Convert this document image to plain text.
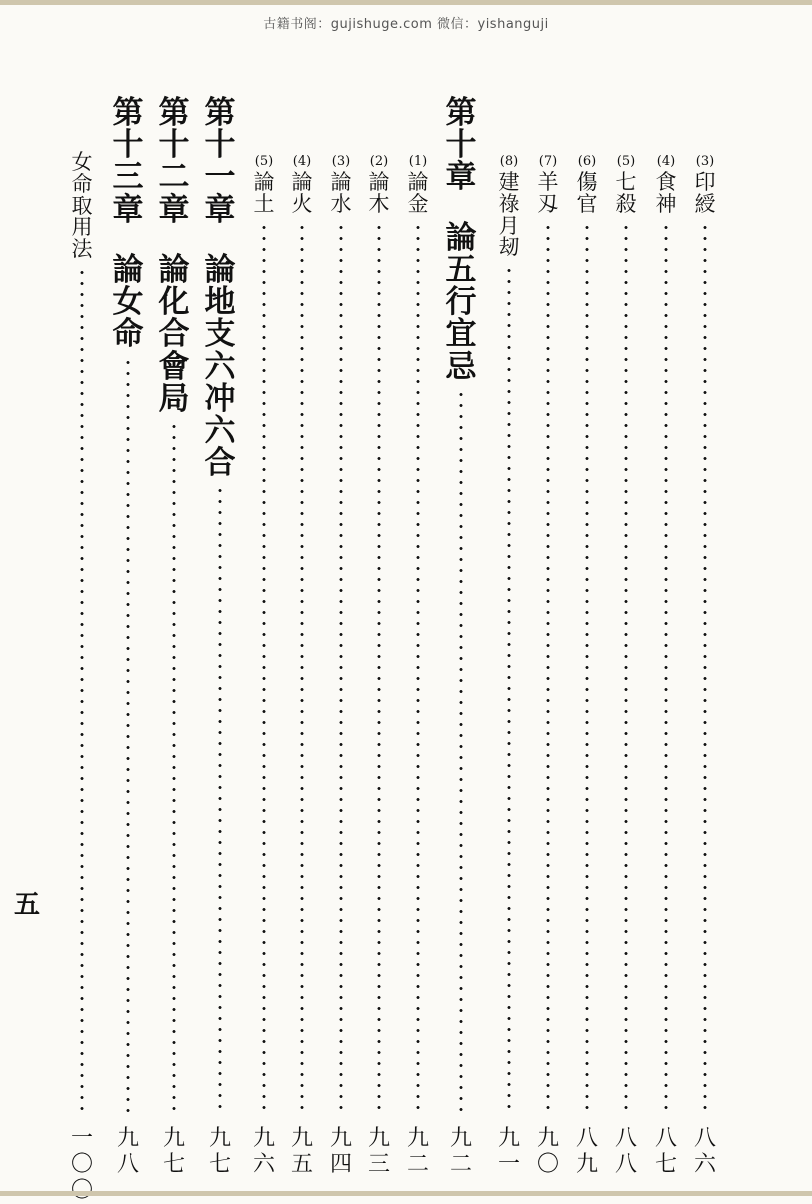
古籍书阁：gujishuge.com 微信：yishanguji
(3)
印
綬
八
六
(4)
食
神
八
七
(5)
七
殺
八
八
(6)
傷
官
八
九
(7)
羊
刄
九
〇
(8)
建
祿
月
刼
九
一
第
十
章
論
五
行
宜
忌
九
二
(1)
論
金
九
二
(2)
論
木
九
三
(3)
論
水
九
四
(4)
論
火
九
五
(5)
論
土
九
六
第
十
一
章
論
地
支
六
冲
六
合
九
七
第
十
二
章
論
化
合
會
局
九
七
第
十
三
章
論
女
命
九
八
女
命
取
用
法
一
〇
五
